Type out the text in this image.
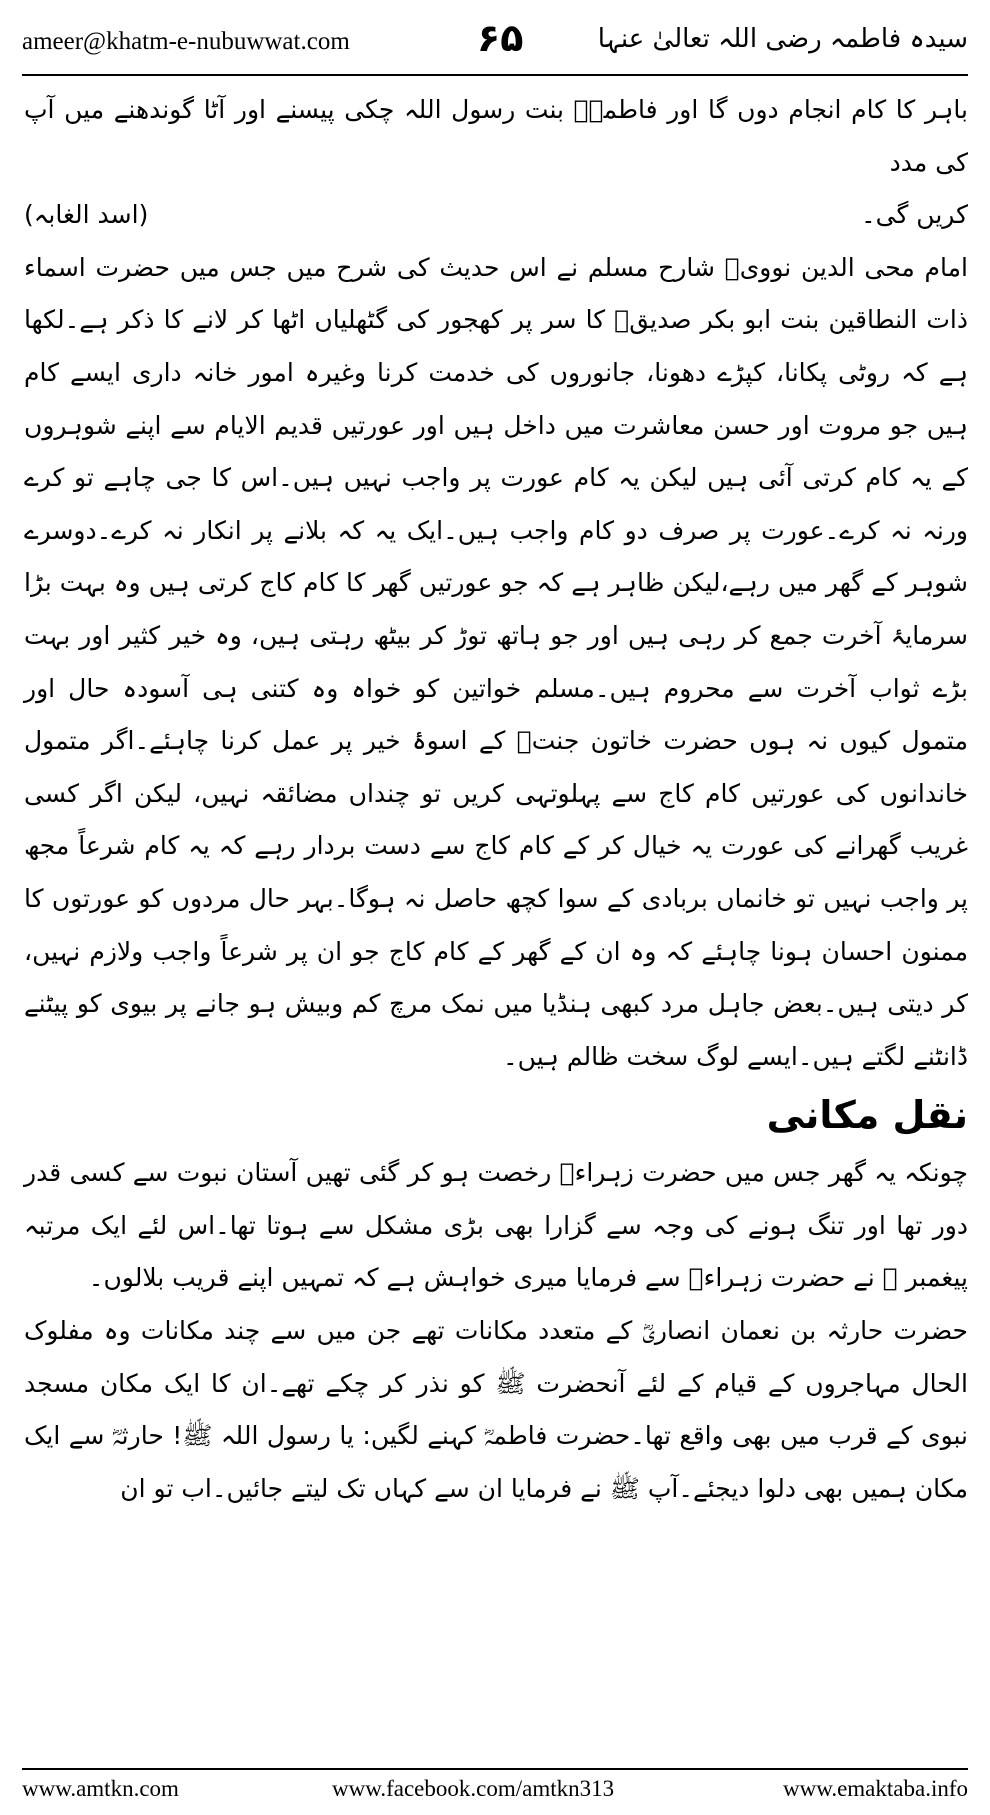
ameer@khatm-e-nubuwwat.com	۶۵	سیدہ فاطمہ رضی اللہ تعالیٰ عنہا

باہر کا کام انجام دوں گا اور فاطمہؓ بنت رسول اللہ چکی پیسنے اور آٹا گوندھنے میں آپ کی مدد

کریں گی۔
(اسد الغابہ)

امام محی الدین نوویؒ شارح مسلم نے اس حدیث کی شرح میں جس میں حضرت اسماء ذات النطاقین بنت ابو بکر صدیقؓ کا سر پر کھجور کی گٹھلیاں اٹھا کر لانے کا ذکر ہے۔لکھا ہے کہ روٹی پکانا، کپڑے دھونا، جانوروں کی خدمت کرنا وغیرہ امور خانہ داری ایسے کام ہیں جو مروت اور حسن معاشرت میں داخل ہیں اور عورتیں قدیم الایام سے اپنے شوہروں کے یہ کام کرتی آئی ہیں لیکن یہ کام عورت پر واجب نہیں ہیں۔اس کا جی چاہے تو کرے ورنہ نہ کرے۔عورت پر صرف دو کام واجب ہیں۔ایک یہ کہ بلانے پر انکار نہ کرے۔دوسرے شوہر کے گھر میں رہے،لیکن ظاہر ہے کہ جو عورتیں گھر کا کام کاج کرتی ہیں وہ بہت بڑا سرمایۂ آخرت جمع کر رہی ہیں اور جو ہاتھ توڑ کر بیٹھ رہتی ہیں، وہ خیر کثیر اور بہت بڑے ثواب آخرت سے محروم ہیں۔مسلم خواتین کو خواہ وہ کتنی ہی آسودہ حال اور متمول کیوں نہ ہوں حضرت خاتون جنتؓ کے اسوۂ خیر پر عمل کرنا چاہئے۔اگر متمول خاندانوں کی عورتیں کام کاج سے پہلوتہی کریں تو چنداں مضائقہ نہیں، لیکن اگر کسی غریب گھرانے کی عورت یہ خیال کر کے کام کاج سے دست بردار رہے کہ یہ کام شرعاً مجھ پر واجب نہیں تو خانماں بربادی کے سوا کچھ حاصل نہ ہوگا۔بہر حال مردوں کو عورتوں کا ممنون احسان ہونا چاہئے کہ وہ ان کے گھر کے کام کاج جو ان پر شرعاً واجب ولازم نہیں، کر دیتی ہیں۔بعض جاہل مرد کبھی ہنڈیا میں نمک مرچ کم وبیش ہو جانے پر بیوی کو پیٹنے ڈانٹنے لگتے ہیں۔ایسے لوگ سخت ظالم ہیں۔

نقل مکانی

چونکہ یہ گھر جس میں حضرت زہراءؓ رخصت ہو کر گئی تھیں آستان نبوت سے کسی قدر دور تھا اور تنگ ہونے کی وجہ سے گزارا بھی بڑی مشکل سے ہوتا تھا۔اس لئے ایک مرتبہ پیغمبر ﷺ نے حضرت زہراءؓ سے فرمایا میری خواہش ہے کہ تمہیں اپنے قریب بلالوں۔

حضرت حارثہ بن نعمان انصاریؓ کے متعدد مکانات تھے جن میں سے چند مکانات وہ مفلوک الحال مہاجروں کے قیام کے لئے آنحضرت ﷺ کو نذر کر چکے تھے۔ان کا ایک مکان مسجد نبوی کے قرب میں بھی واقع تھا۔حضرت فاطمہؓ کہنے لگیں: یا رسول اللہ ﷺ! حارثہؓ سے ایک مکان ہمیں بھی دلوا دیجئے۔آپ ﷺ نے فرمایا ان سے کہاں تک لیتے جائیں۔اب تو ان

www.amtkn.com	www.facebook.com/amtkn313	www.emaktaba.info
